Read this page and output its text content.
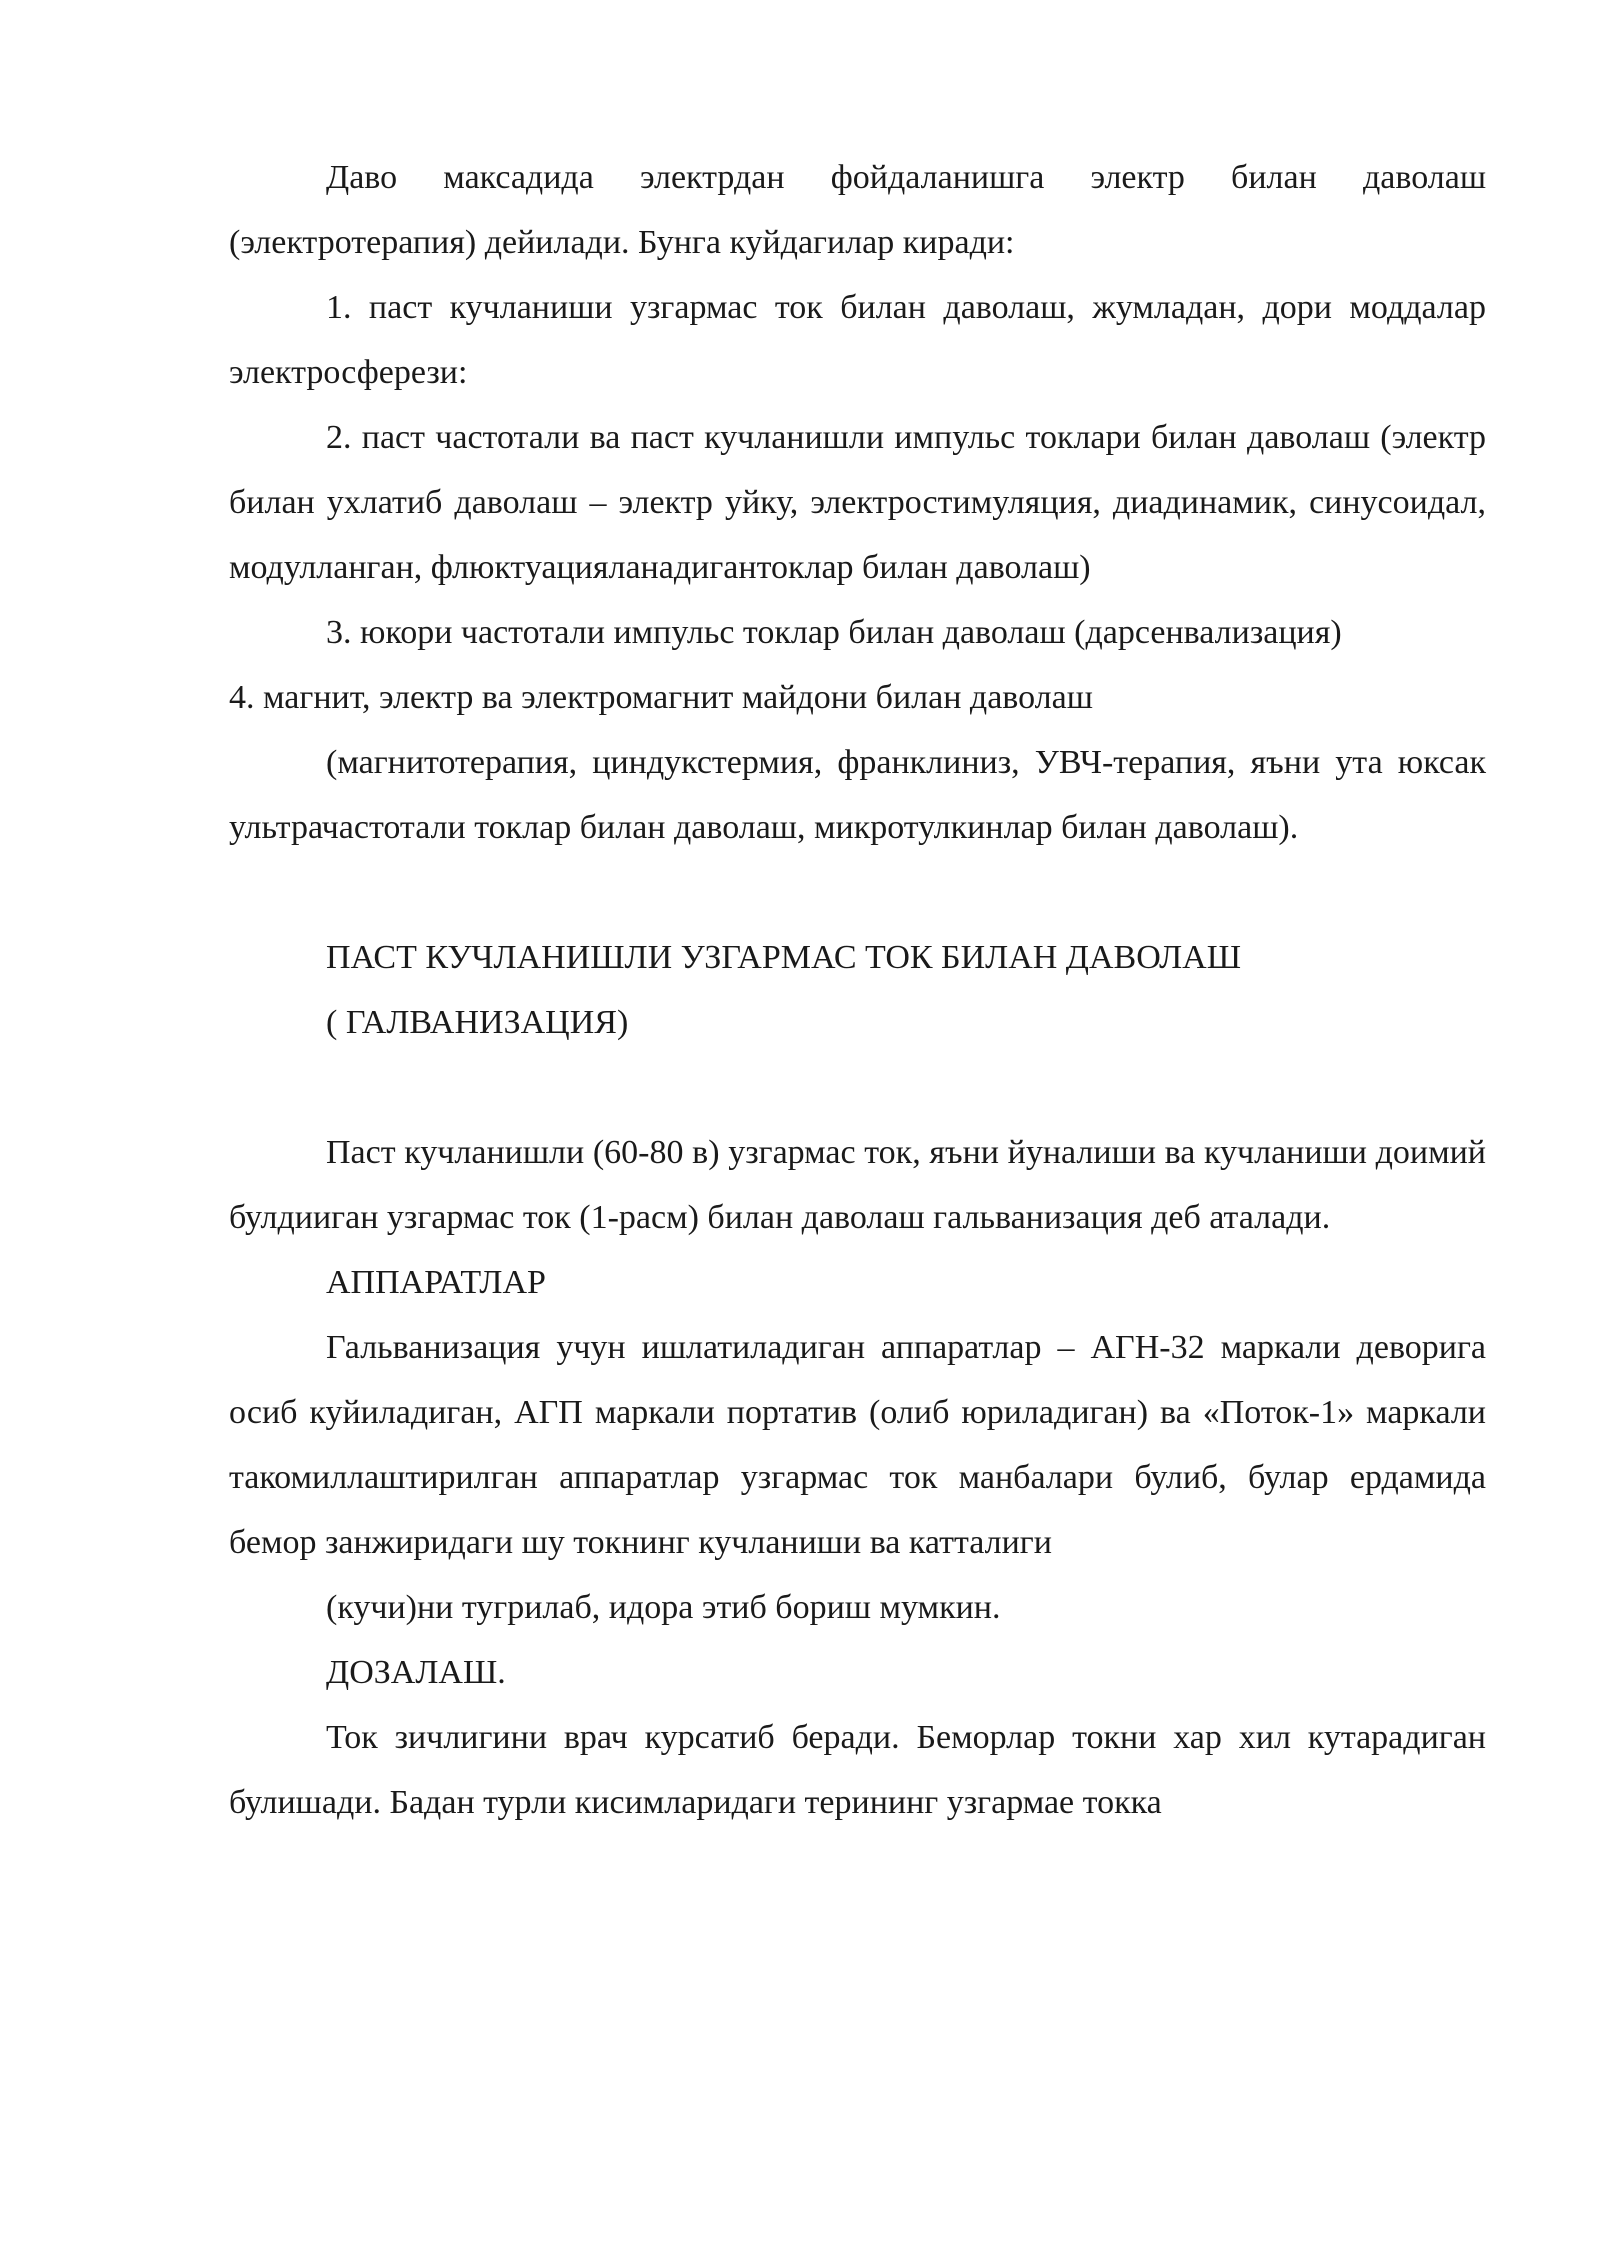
Даво максадида электрдан фойдаланишга электр билан даволаш (электротерапия) дейилади. Бунга куйдагилар киради:

1. паст кучланиши узгармас ток билан даволаш, жумладан, дори моддалар электросферези:

2. паст частотали ва паст кучланишли импульс токлари билан даволаш (электр билан ухлатиб даволаш – электр уйку, электростимуляция, диадинамик, синусоидал, модулланган, флюктуацияланадигантоклар билан даволаш)

3. юкори частотали импульс токлар билан даволаш (дарсенвализация)

4. магнит, электр ва электромагнит майдони билан даволаш

(магнитотерапия, циндукстермия, франклиниз, УВЧ-терапия, яъни ута юксак ультрачастотали токлар билан даволаш, микротулкинлар билан даволаш).

ПАСТ КУЧЛАНИШЛИ УЗГАРМАС ТОК БИЛАН ДАВОЛАШ ( ГАЛВАНИЗАЦИЯ)

Паст кучланишли (60-80 в) узгармас ток, яъни йуналиши ва кучланиши доимий булдииган узгармас ток (1-расм) билан даволаш гальванизация деб аталади.

АППАРАТЛАР

Гальванизация учун ишлатиладиган аппаратлар – АГН-32 маркали деворига осиб куйиладиган, АГП маркали портатив (олиб юриладиган) ва «Поток-1» маркали такомиллаштирилган аппаратлар узгармас ток манбалари булиб, булар ердамида бемор занжиридаги шу токнинг кучланиши ва катталиги

(кучи)ни тугрилаб, идора этиб бориш мумкин.

ДОЗАЛАШ.

Ток зичлигини врач курсатиб беради. Беморлар токни хар хил кутарадиган булишади. Бадан турли кисимларидаги терининг узгармае токка
